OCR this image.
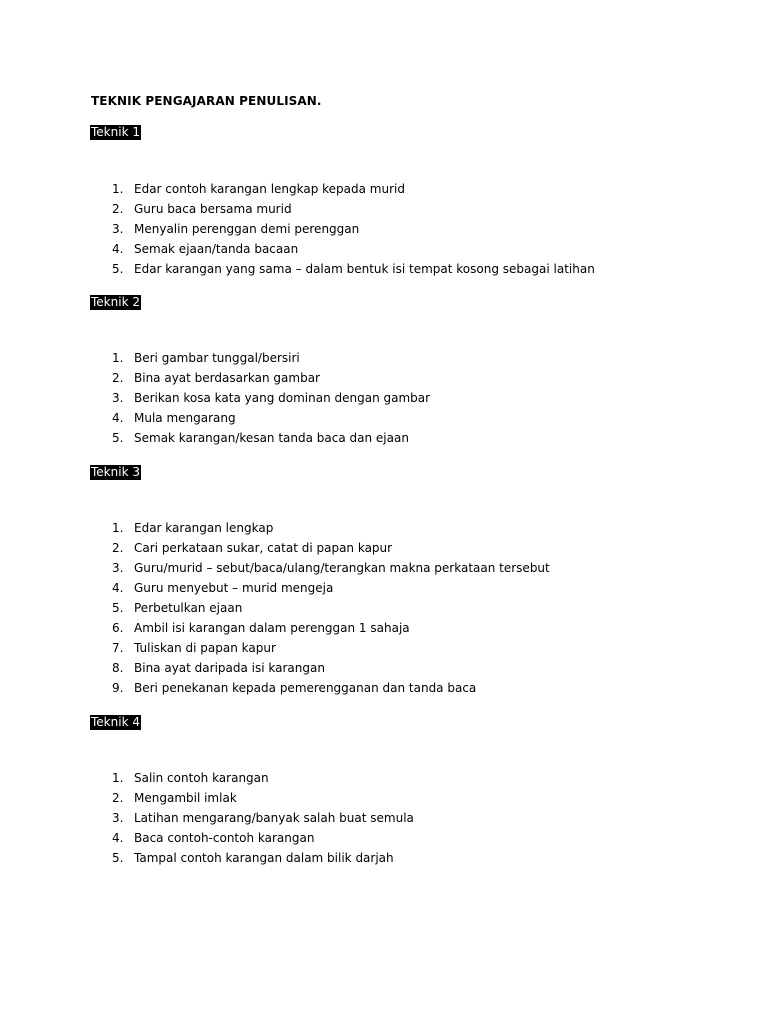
TEKNIK PENGAJARAN PENULISAN.
Teknik 1
1. Edar contoh karangan lengkap kepada murid
2. Guru baca bersama murid
3. Menyalin perenggan demi perenggan
4. Semak ejaan/tanda bacaan
5. Edar karangan yang sama – dalam bentuk isi tempat kosong sebagai latihan
Teknik 2
1. Beri gambar tunggal/bersiri
2. Bina ayat berdasarkan gambar
3. Berikan kosa kata yang dominan dengan gambar
4. Mula mengarang
5. Semak karangan/kesan tanda baca dan ejaan
Teknik 3
1. Edar karangan lengkap
2. Cari perkataan sukar, catat di papan kapur
3. Guru/murid – sebut/baca/ulang/terangkan makna perkataan tersebut
4. Guru menyebut – murid mengeja
5. Perbetulkan ejaan
6. Ambil isi karangan dalam perenggan 1 sahaja
7. Tuliskan di papan kapur
8. Bina ayat daripada isi karangan
9. Beri penekanan kepada pemerengganan dan tanda baca
Teknik 4
1. Salin contoh karangan
2. Mengambil imlak
3. Latihan mengarang/banyak salah buat semula
4. Baca contoh-contoh karangan
5. Tampal contoh karangan dalam bilik darjah
